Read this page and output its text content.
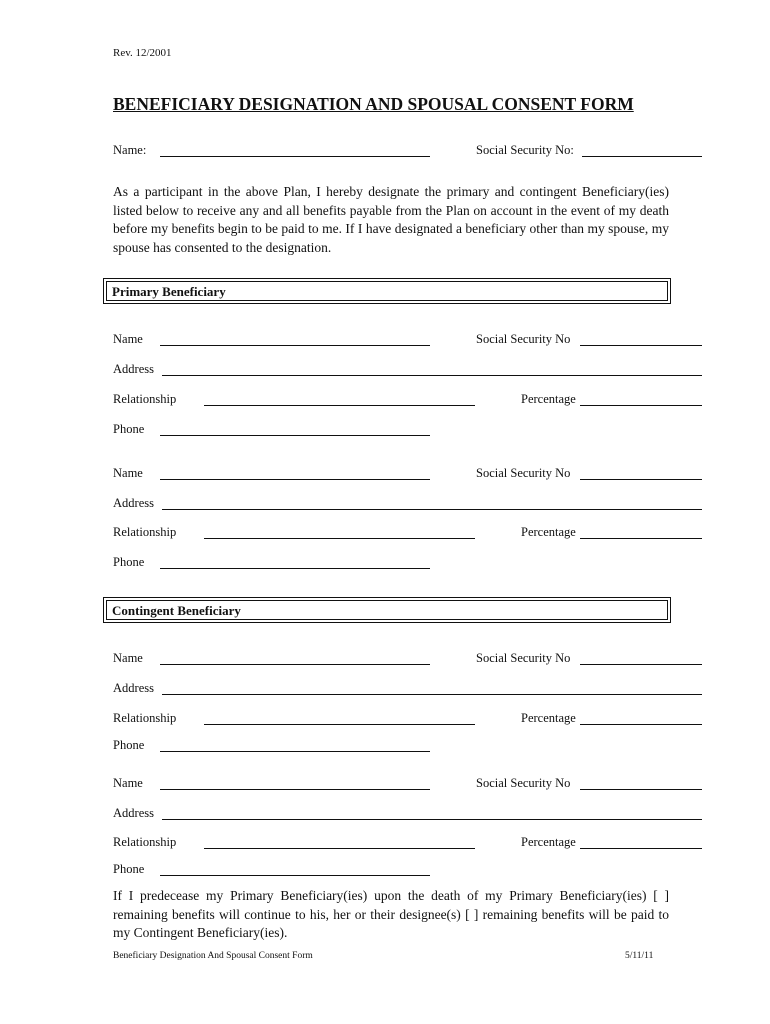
Rev. 12/2001
BENEFICIARY DESIGNATION AND SPOUSAL CONSENT FORM
Name:	Social Security No:
As a participant in the above Plan, I hereby designate the primary and contingent Beneficiary(ies) listed below to receive any and all benefits payable from the Plan on account in the event of my death before my benefits begin to be paid to me. If I have designated a beneficiary other than my spouse, my spouse has consented to the designation.
Primary Beneficiary
Name	Social Security No
Address
Relationship	Percentage
Phone
Name	Social Security No
Address
Relationship	Percentage
Phone
Contingent Beneficiary
Name	Social Security No
Address
Relationship	Percentage
Phone
Name	Social Security No
Address
Relationship	Percentage
Phone
If I predecease my Primary Beneficiary(ies) upon the death of my Primary Beneficiary(ies) [ ] remaining benefits will continue to his, her or their designee(s) [ ] remaining benefits will be paid to my Contingent Beneficiary(ies).
Beneficiary Designation And Spousal Consent Form	5/11/11
